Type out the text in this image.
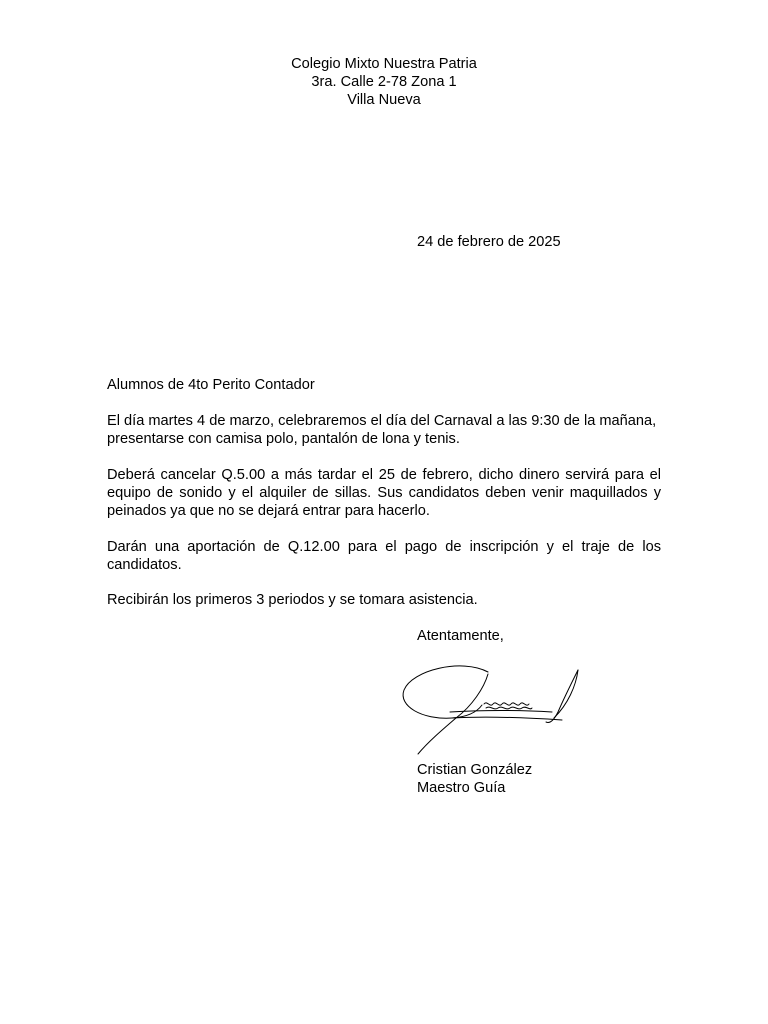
Colegio Mixto Nuestra Patria
3ra. Calle 2-78 Zona 1
Villa Nueva
24 de febrero de 2025
Alumnos de 4to Perito Contador
El día martes 4 de marzo, celebraremos el día del Carnaval a las 9:30 de la mañana, presentarse con camisa polo, pantalón de lona y tenis.
Deberá cancelar Q.5.00 a más tardar el 25 de febrero, dicho dinero servirá para el equipo de sonido y el alquiler de sillas. Sus candidatos deben venir maquillados y peinados ya que no se dejará entrar para hacerlo.
Darán una aportación de Q.12.00 para el pago de inscripción y el traje de los candidatos.
Recibirán los primeros 3 periodos y se tomara asistencia.
Atentamente,
Cristian González
Maestro Guía
